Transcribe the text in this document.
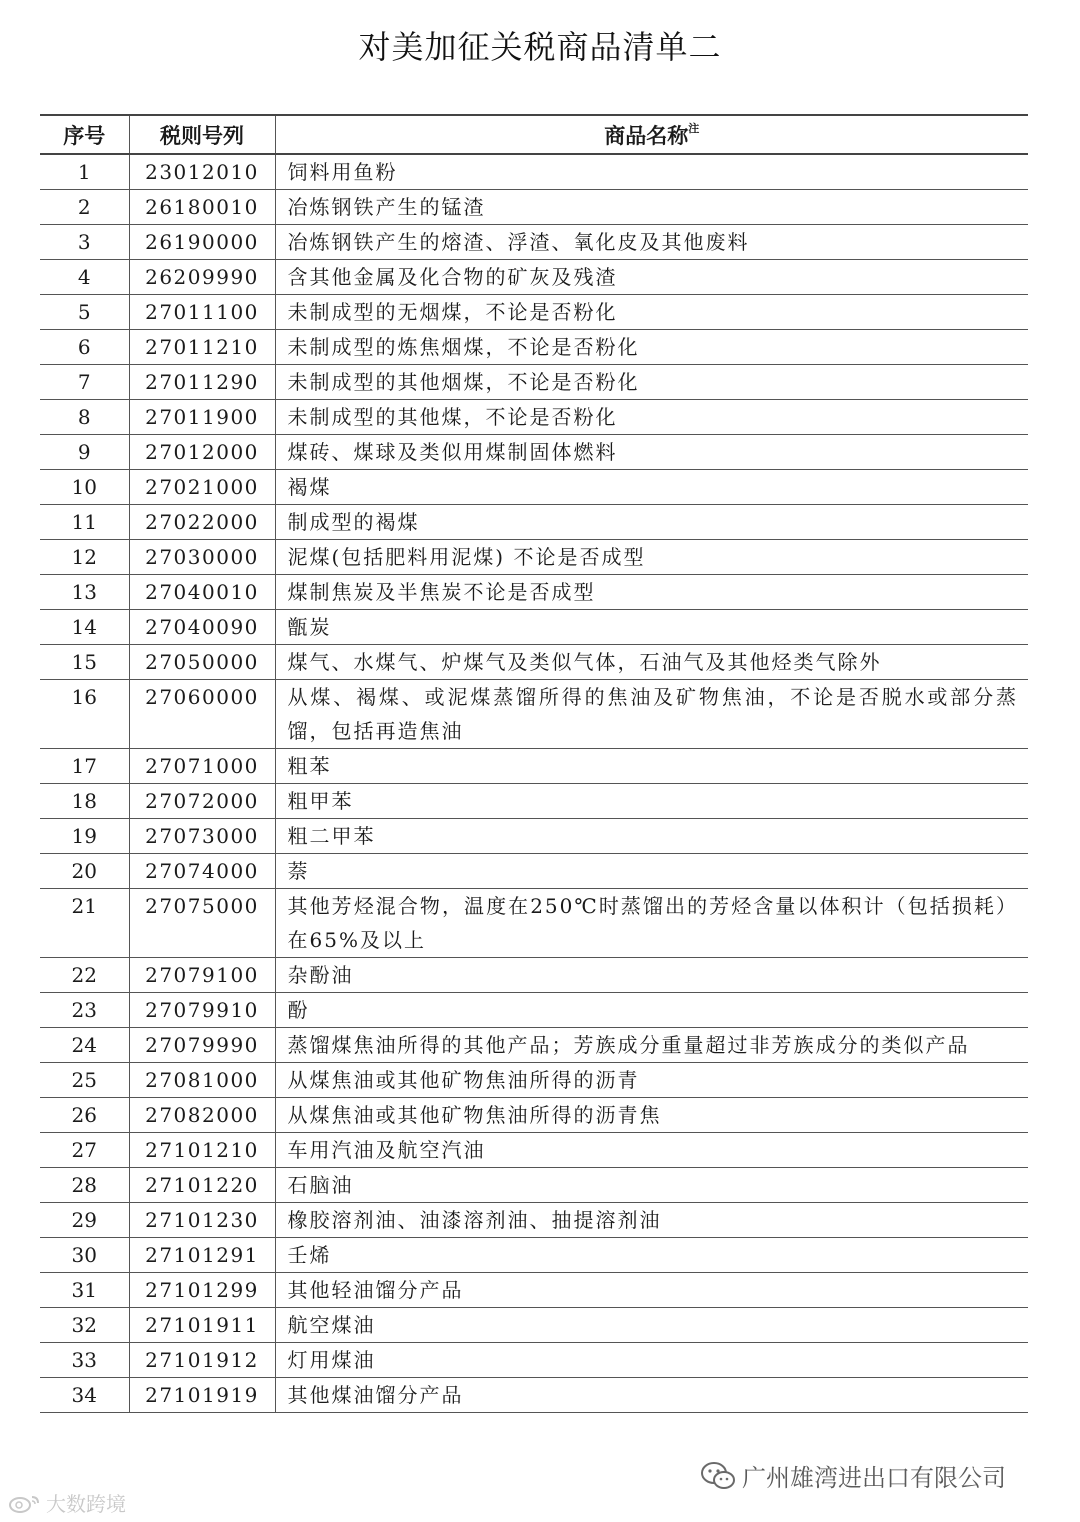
对美加征关税商品清单二
序号	税则号列	商品名称$^注$
1	23012010	饲料用鱼粉
2	26180010	冶炼钢铁产生的锰渣
3	26190000	冶炼钢铁产生的熔渣、浮渣、氧化皮及其他废料
4	26209990	含其他金属及化合物的矿灰及残渣
5	27011100	未制成型的无烟煤，不论是否粉化
6	27011210	未制成型的炼焦烟煤，不论是否粉化
7	27011290	未制成型的其他烟煤，不论是否粉化
8	27011900	未制成型的其他煤，不论是否粉化
9	27012000	煤砖、煤球及类似用煤制固体燃料
10	27021000	褐煤
11	27022000	制成型的褐煤
12	27030000	泥煤(包括肥料用泥煤) 不论是否成型
13	27040010	煤制焦炭及半焦炭不论是否成型
14	27040090	甑炭
15	27050000	煤气、水煤气、炉煤气及类似气体，石油气及其他烃类气除外
16	27060000	从煤、褐煤、或泥煤蒸馏所得的焦油及矿物焦油，不论是否脱水或部分蒸馏，包括再造焦油
17	27071000	粗苯
18	27072000	粗甲苯
19	27073000	粗二甲苯
20	27074000	萘
21	27075000	其他芳烃混合物，温度在250℃时蒸馏出的芳烃含量以体积计（包括损耗）在65%及以上
22	27079100	杂酚油
23	27079910	酚
24	27079990	蒸馏煤焦油所得的其他产品；芳族成分重量超过非芳族成分的类似产品
25	27081000	从煤焦油或其他矿物焦油所得的沥青
26	27082000	从煤焦油或其他矿物焦油所得的沥青焦
27	27101210	车用汽油及航空汽油
28	27101220	石脑油
29	27101230	橡胶溶剂油、油漆溶剂油、抽提溶剂油
30	27101291	壬烯
31	27101299	其他轻油馏分产品
32	27101911	航空煤油
33	27101912	灯用煤油
34	27101919	其他煤油馏分产品
大数跨境
广州雄湾进出口有限公司
